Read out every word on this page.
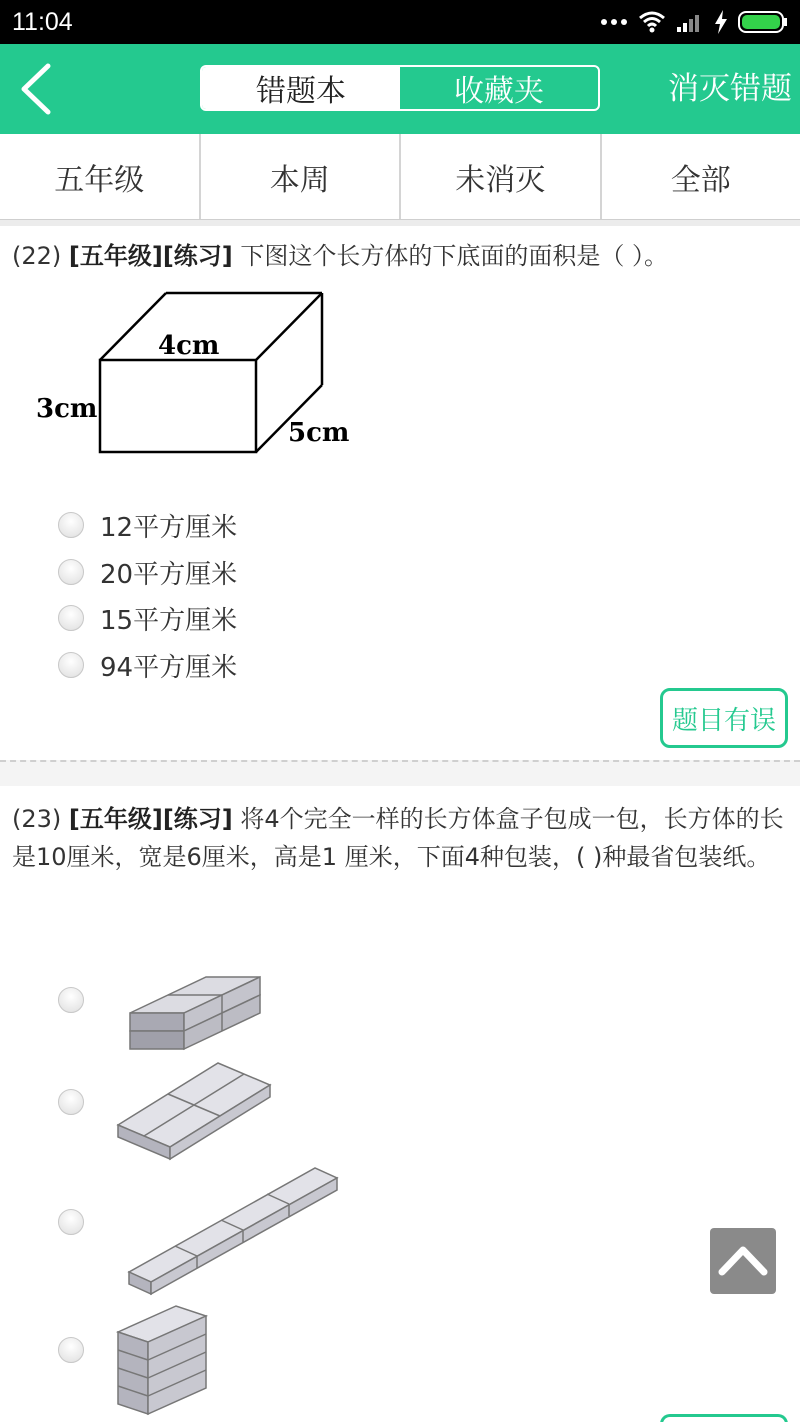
11:04
错题本	收藏夹	消灭错题
五年级	本周	未消灭	全部
(22) [五年级][练习] 下图这个长方体的下底面的面积是（ ）。
4cm
3cm
5cm
12平方厘米
20平方厘米
15平方厘米
94平方厘米
题目有误
(23) [五年级][练习] 将4个完全一样的长方体盒子包成一包，长方体的长是10厘米，宽是6厘米，高是1 厘米，下面4种包装，( )种最省包装纸。
